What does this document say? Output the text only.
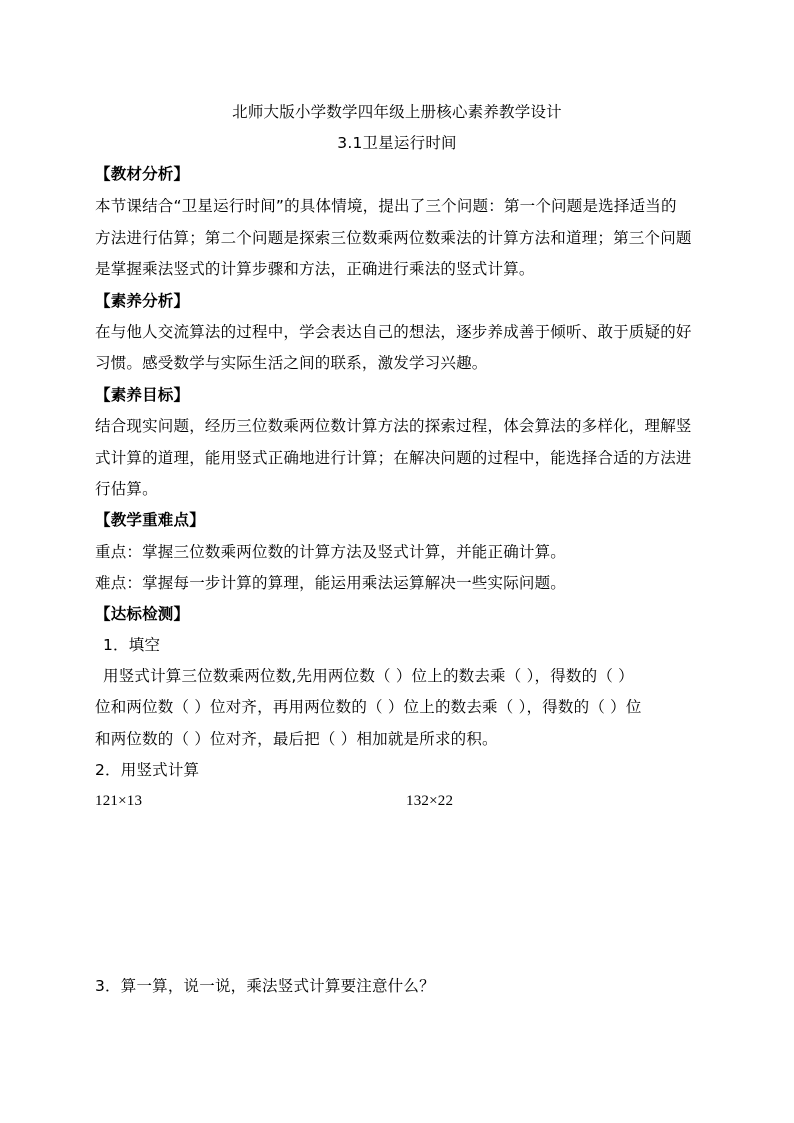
北师大版小学数学四年级上册核心素养教学设计
3.1卫星运行时间
【教材分析】
本节课结合“卫星运行时间”的具体情境，提出了三个问题：第一个问题是选择适当的
方法进行估算；第二个问题是探索三位数乘两位数乘法的计算方法和道理；第三个问题
是掌握乘法竖式的计算步骤和方法，正确进行乘法的竖式计算。
【素养分析】
在与他人交流算法的过程中，学会表达自己的想法，逐步养成善于倾听、敢于质疑的好
习惯。感受数学与实际生活之间的联系，激发学习兴趣。
【素养目标】
结合现实问题，经历三位数乘两位数计算方法的探索过程，体会算法的多样化，理解竖
式计算的道理，能用竖式正确地进行计算；在解决问题的过程中，能选择合适的方法进
行估算。
【教学重难点】
重点：掌握三位数乘两位数的计算方法及竖式计算，并能正确计算。
难点：掌握每一步计算的算理，能运用乘法运算解决一些实际问题。
【达标检测】
1．填空
用竖式计算三位数乘两位数,先用两位数（ ）位上的数去乘（ ），得数的（ ）
位和两位数（ ）位对齐，再用两位数的（ ）位上的数去乘（ ），得数的（ ）位
和两位数的（ ）位对齐，最后把（ ）相加就是所求的积。
2．用竖式计算
121×13	132×22
3．算一算，说一说，乘法竖式计算要注意什么？
